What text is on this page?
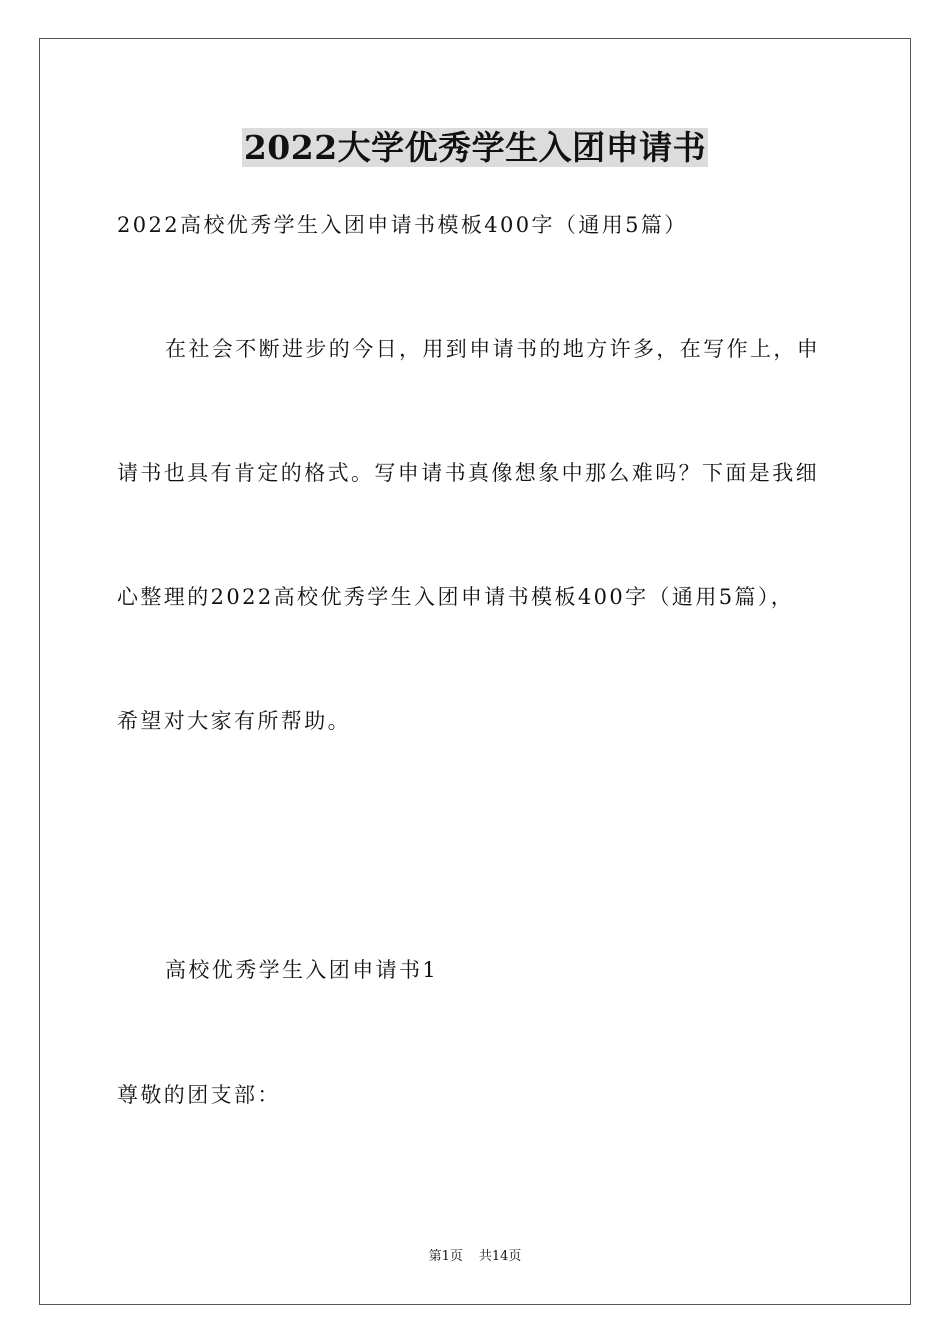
2022大学优秀学生入团申请书
2022高校优秀学生入团申请书模板400字（通用5篇）
在社会不断进步的今日，用到申请书的地方许多，在写作上，申
请书也具有肯定的格式。写申请书真像想象中那么难吗？下面是我细
心整理的2022高校优秀学生入团申请书模板400字（通用5篇），
希望对大家有所帮助。
高校优秀学生入团申请书1
尊敬的团支部：
第1页 共14页
